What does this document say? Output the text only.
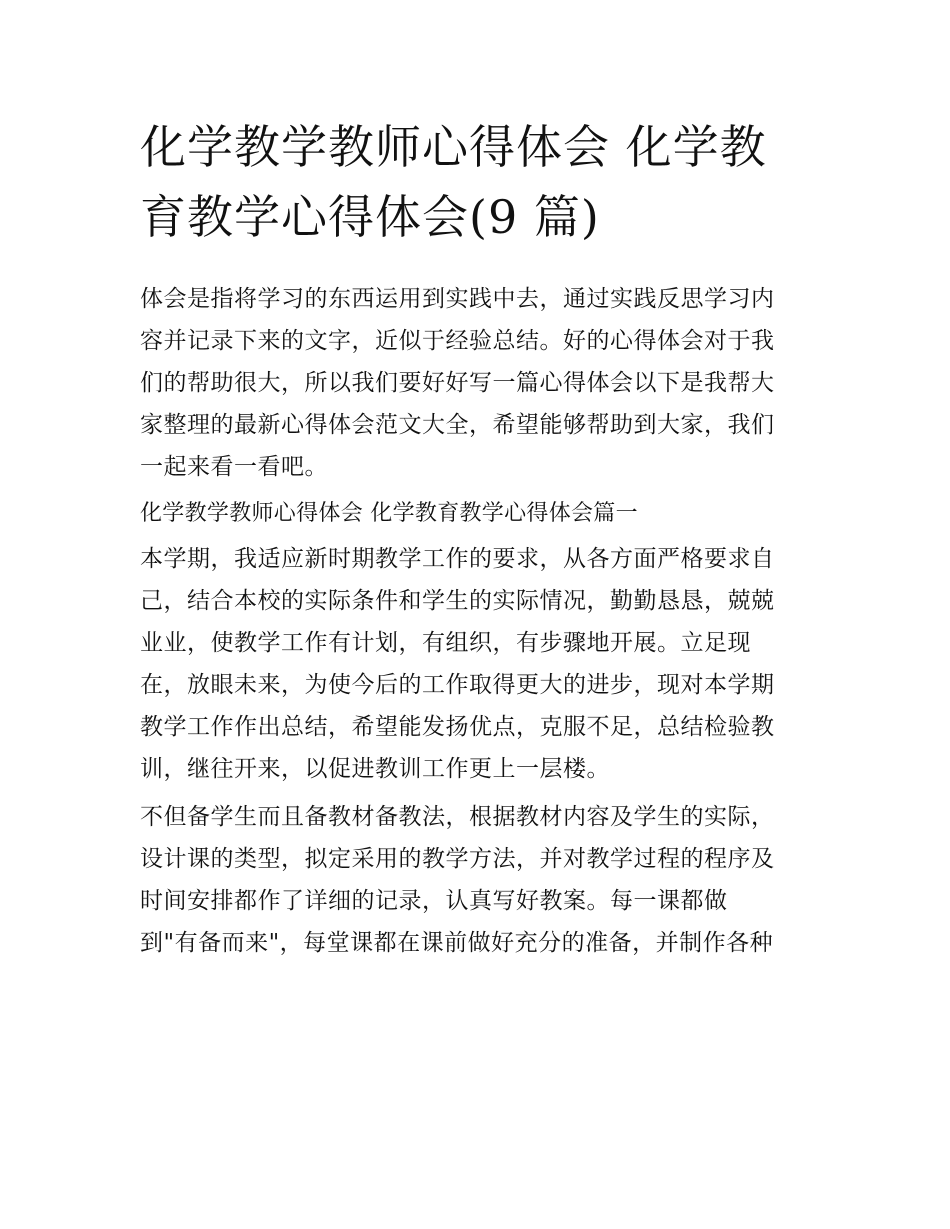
化学教学教师心得体会 化学教
育教学心得体会(9 篇)

体会是指将学习的东西运用到实践中去，通过实践反思学习内
容并记录下来的文字，近似于经验总结。好的心得体会对于我
们的帮助很大，所以我们要好好写一篇心得体会以下是我帮大
家整理的最新心得体会范文大全，希望能够帮助到大家，我们
一起来看一看吧。

化学教学教师心得体会 化学教育教学心得体会篇一

本学期，我适应新时期教学工作的要求，从各方面严格要求自
己，结合本校的实际条件和学生的实际情况，勤勤恳恳，兢兢
业业，使教学工作有计划，有组织，有步骤地开展。立足现
在，放眼未来，为使今后的工作取得更大的进步，现对本学期
教学工作作出总结，希望能发扬优点，克服不足，总结检验教
训，继往开来，以促进教训工作更上一层楼。

不但备学生而且备教材备教法，根据教材内容及学生的实际，
设计课的类型，拟定采用的教学方法，并对教学过程的程序及
时间安排都作了详细的记录，认真写好教案。每一课都做
到"有备而来"，每堂课都在课前做好充分的准备，并制作各种
